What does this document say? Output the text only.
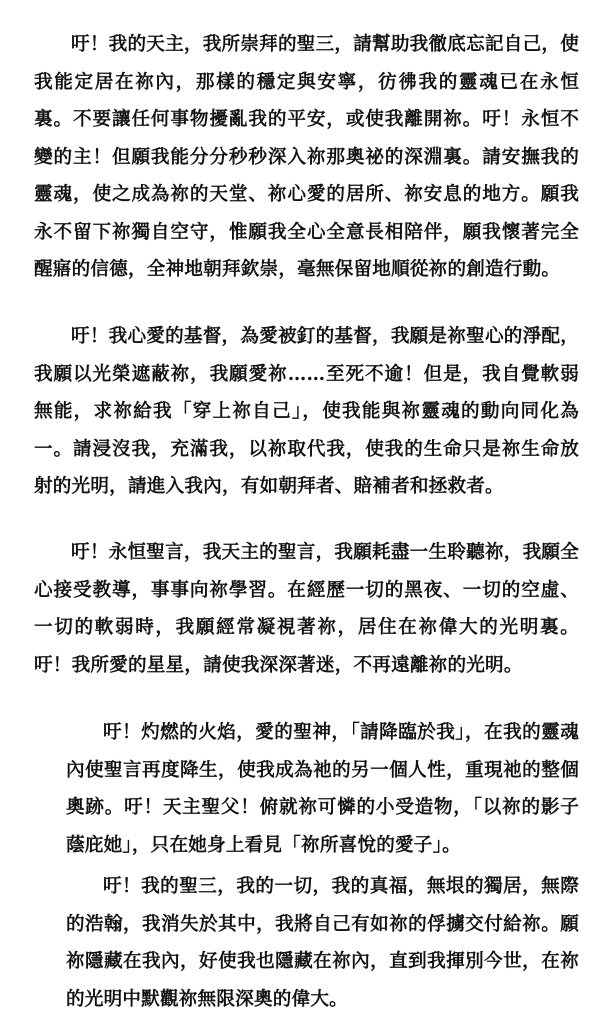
吁！我的天主，我所崇拜的聖三，請幫助我徹底忘記自己，使我能定居在祢內，那樣的穩定與安寧，彷彿我的靈魂已在永恒裏。不要讓任何事物擾亂我的平安，或使我離開祢。吁！永恒不變的主！但願我能分分秒秒深入祢那奧祕的深淵裏。請安撫我的靈魂，使之成為祢的天堂、祢心愛的居所、祢安息的地方。願我永不留下祢獨自空守，惟願我全心全意長相陪伴，願我懷著完全醒寤的信德，全神地朝拜欽崇，毫無保留地順從祢的創造行動。

吁！我心愛的基督，為愛被釘的基督，我願是祢聖心的淨配，我願以光榮遮蔽祢，我願愛祢……至死不逾！但是，我自覺軟弱無能，求祢給我「穿上祢自己」，使我能與祢靈魂的動向同化為一。請浸沒我，充滿我，以祢取代我，使我的生命只是祢生命放射的光明，請進入我內，有如朝拜者、賠補者和拯救者。

吁！永恒聖言，我天主的聖言，我願耗盡一生聆聽祢，我願全心接受教導，事事向祢學習。在經歷一切的黑夜、一切的空虛、一切的軟弱時，我願經常凝視著祢，居住在祢偉大的光明裏。吁！我所愛的星星，請使我深深著迷，不再遠離祢的光明。

吁！灼燃的火焰，愛的聖神，「請降臨於我」，在我的靈魂內使聖言再度降生，使我成為祂的另一個人性，重現祂的整個奧跡。吁！天主聖父！俯就祢可憐的小受造物，「以祢的影子蔭庇她」，只在她身上看見「祢所喜悅的愛子」。

吁！我的聖三，我的一切，我的真福，無垠的獨居，無際的浩翰，我消失於其中，我將自己有如祢的俘擄交付給祢。願祢隱藏在我內，好使我也隱藏在祢內，直到我揮別今世，在祢的光明中默觀祢無限深奧的偉大。
